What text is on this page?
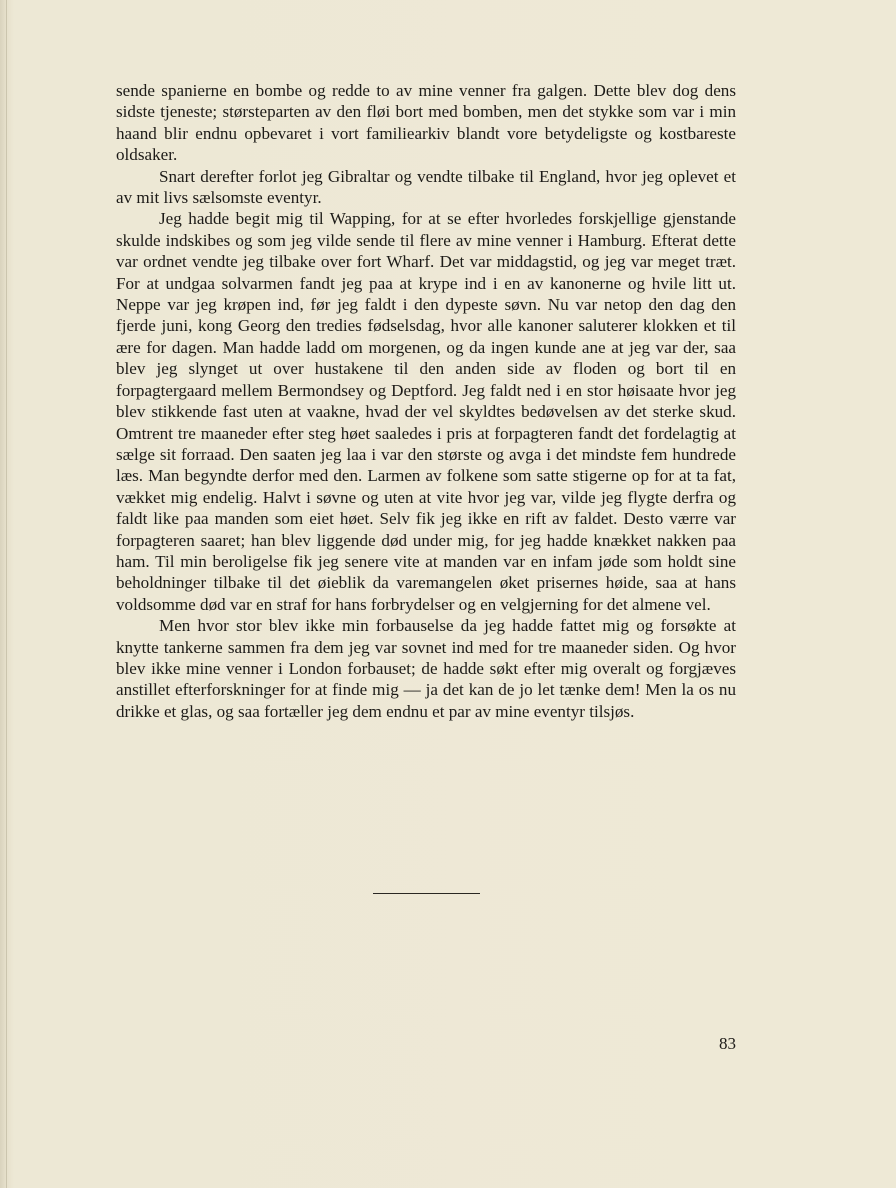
sende spanierne en bombe og redde to av mine venner fra galgen. Dette blev dog dens sidste tjeneste; størsteparten av den fløi bort med bomben, men det stykke som var i min haand blir endnu opbevaret i vort familiearkiv blandt vore betydeligste og kostbareste oldsaker.

Snart derefter forlot jeg Gibraltar og vendte tilbake til England, hvor jeg oplevet et av mit livs sælsomste eventyr.

Jeg hadde begit mig til Wapping, for at se efter hvorledes forskjellige gjenstande skulde indskibes og som jeg vilde sende til flere av mine venner i Hamburg. Efterat dette var ordnet vendte jeg tilbake over fort Wharf. Det var middagstid, og jeg var meget træt. For at undgaa solvarmen fandt jeg paa at krype ind i en av kanonerne og hvile litt ut. Neppe var jeg krøpen ind, før jeg faldt i den dypeste søvn. Nu var netop den dag den fjerde juni, kong Georg den tredies fødselsdag, hvor alle kanoner saluterer klokken et til ære for dagen. Man hadde ladd om morgenen, og da ingen kunde ane at jeg var der, saa blev jeg slynget ut over hustakene til den anden side av floden og bort til en forpagtergaard mellem Bermondsey og Deptford. Jeg faldt ned i en stor høisaate hvor jeg blev stikkende fast uten at vaakne, hvad der vel skyldtes bedøvelsen av det sterke skud. Omtrent tre maaneder efter steg høet saaledes i pris at forpagteren fandt det fordelagtig at sælge sit forraad. Den saaten jeg laa i var den største og avga i det mindste fem hundrede læs. Man begyndte derfor med den. Larmen av folkene som satte stigerne op for at ta fat, vækket mig endelig. Halvt i søvne og uten at vite hvor jeg var, vilde jeg flygte derfra og faldt like paa manden som eiet høet. Selv fik jeg ikke en rift av faldet. Desto værre var forpagteren saaret; han blev liggende død under mig, for jeg hadde knækket nakken paa ham. Til min beroligelse fik jeg senere vite at manden var en infam jøde som holdt sine beholdninger tilbake til det øieblik da varemangelen øket prisernes høide, saa at hans voldsomme død var en straf for hans forbrydelser og en velgjerning for det almene vel.

Men hvor stor blev ikke min forbauselse da jeg hadde fattet mig og forsøkte at knytte tankerne sammen fra dem jeg var sovnet ind med for tre maaneder siden. Og hvor blev ikke mine venner i London forbauset; de hadde søkt efter mig overalt og forgjæves anstillet efterforskninger for at finde mig — ja det kan de jo let tænke dem! Men la os nu drikke et glas, og saa fortæller jeg dem endnu et par av mine eventyr tilsjøs.

83
